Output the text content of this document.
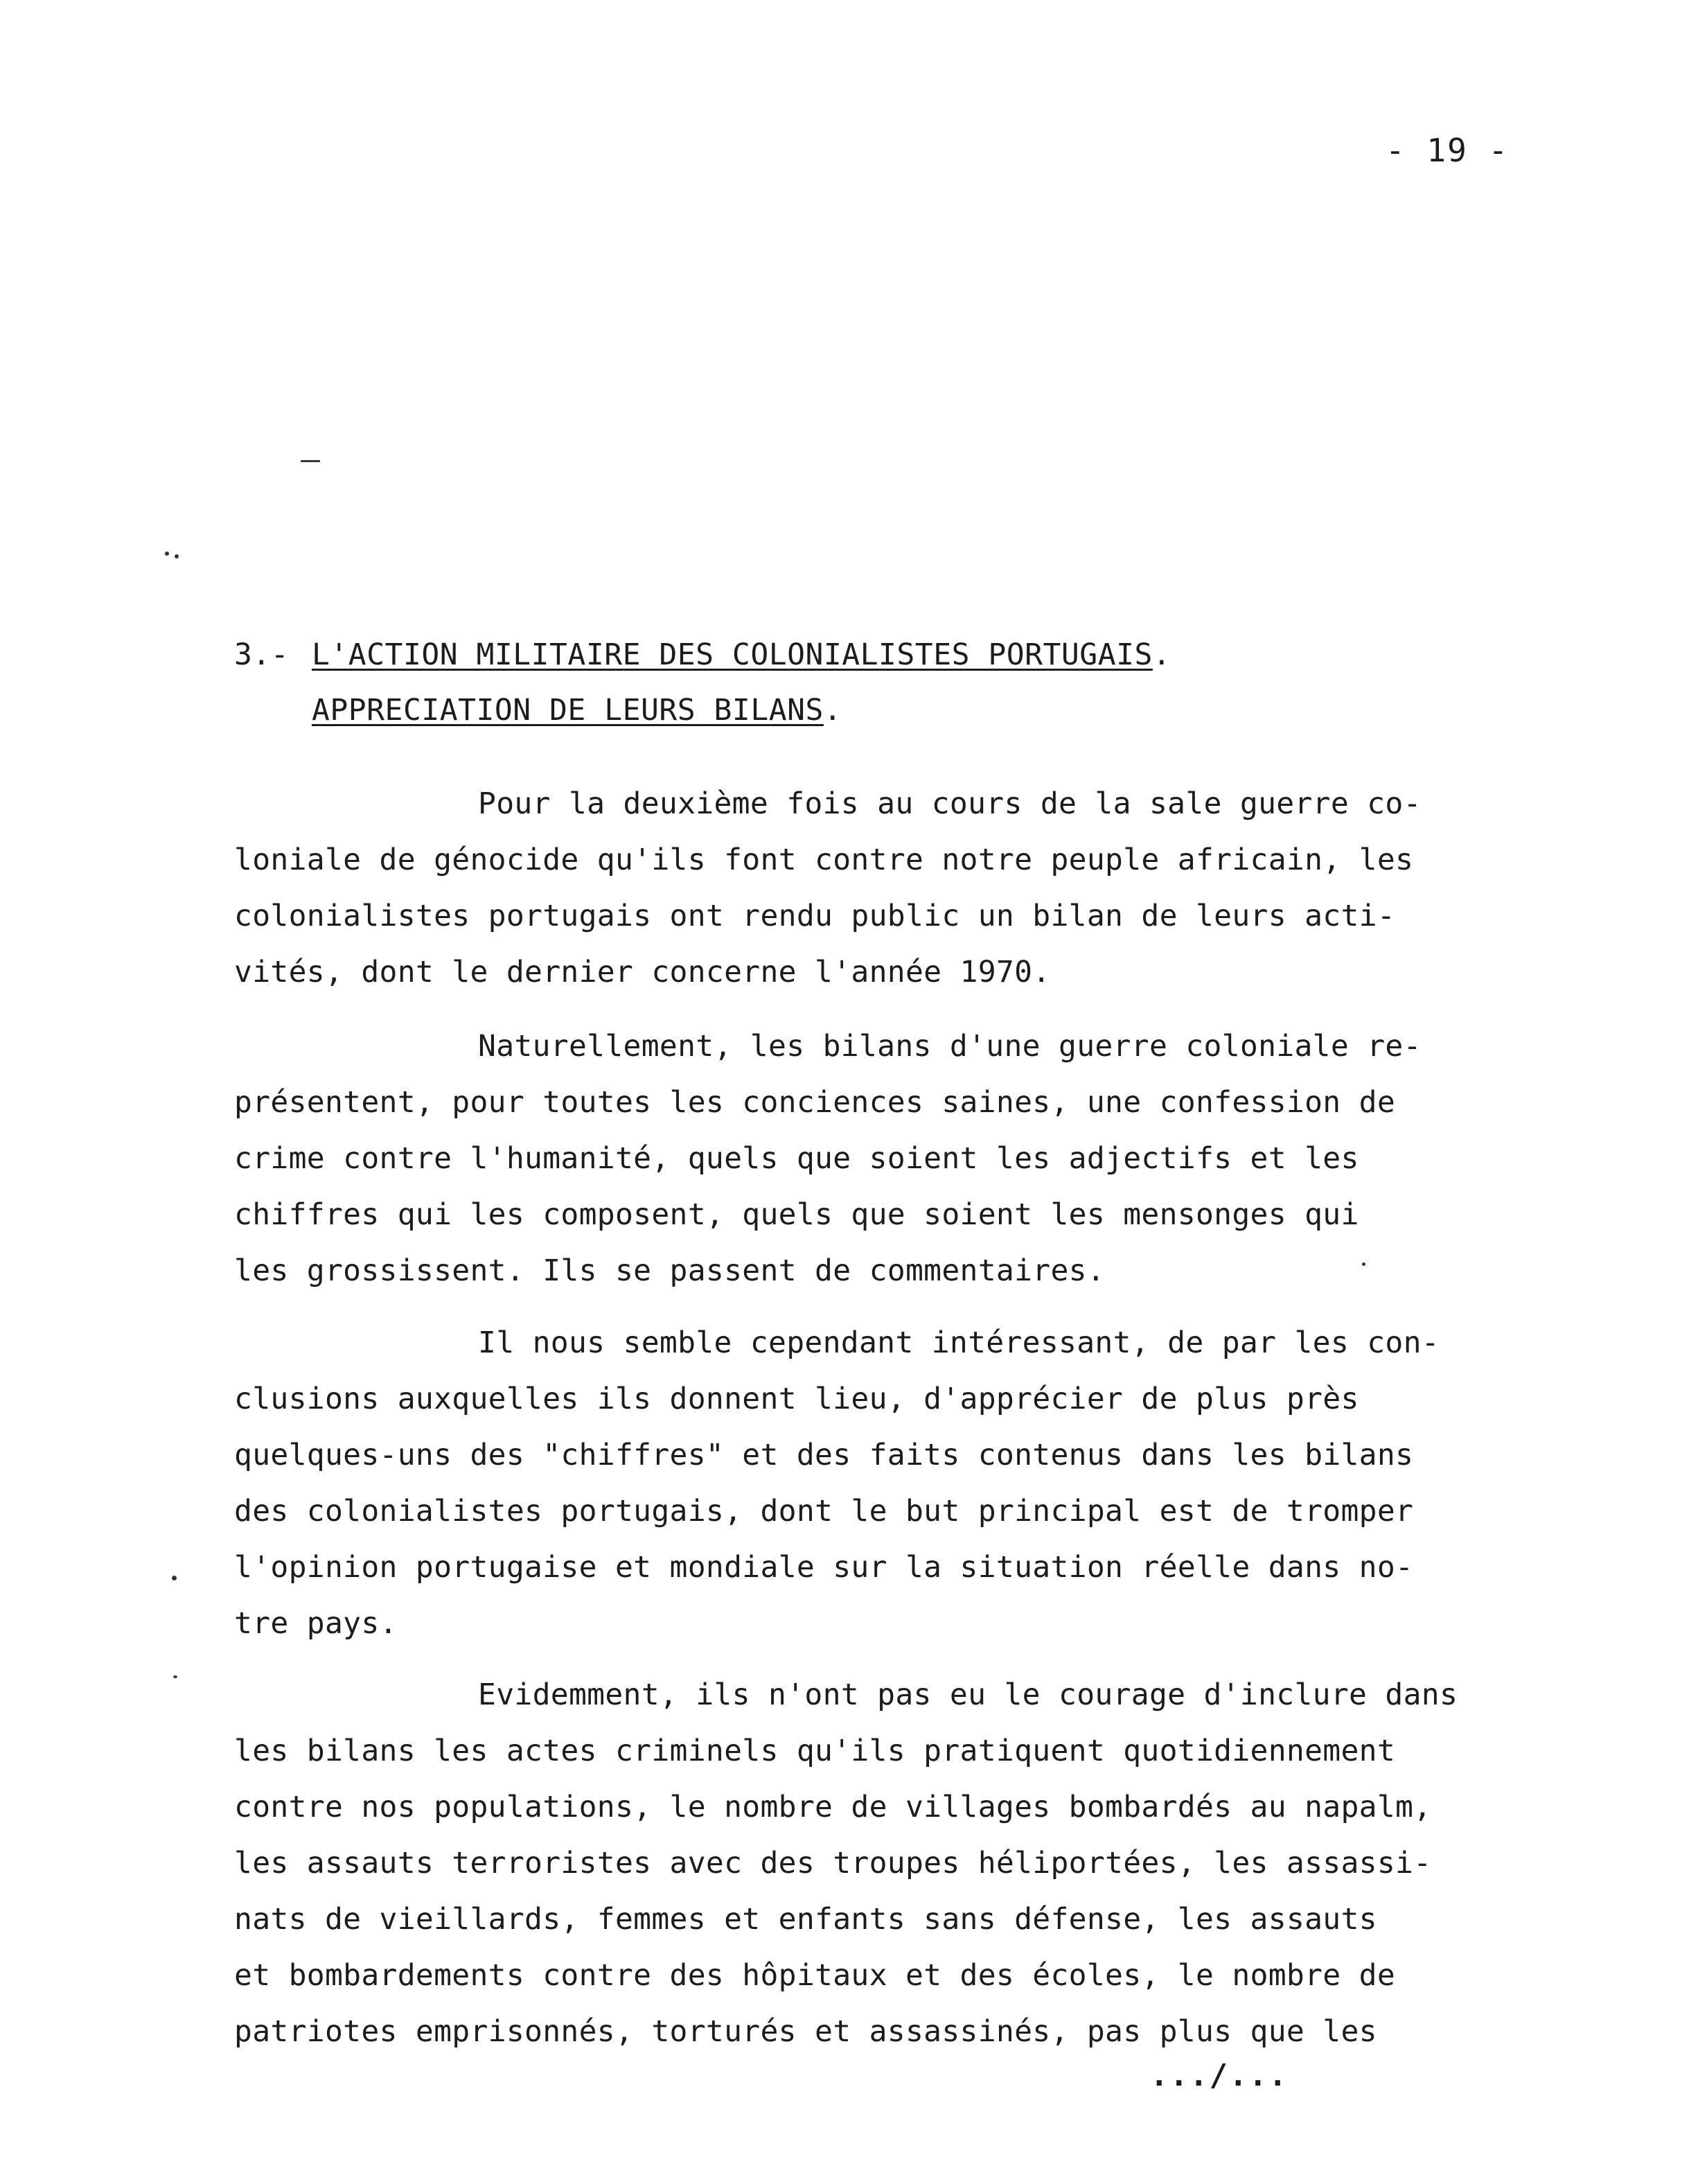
- 19 -
3.- L'ACTION MILITAIRE DES COLONIALISTES PORTUGAIS.
APPRECIATION DE LEURS BILANS.
Pour la deuxième fois au cours de la sale guerre co-
loniale de génocide qu'ils font contre notre peuple africain, les
colonialistes portugais ont rendu public un bilan de leurs acti-
vités, dont le dernier concerne l'année 1970.
Naturellement, les bilans d'une guerre coloniale re-
présentent, pour toutes les conciences saines, une confession de
crime contre l'humanité, quels que soient les adjectifs et les
chiffres qui les composent, quels que soient les mensonges qui
les grossissent. Ils se passent de commentaires.
Il nous semble cependant intéressant, de par les con-
clusions auxquelles ils donnent lieu, d'apprécier de plus près
quelques-uns des "chiffres" et des faits contenus dans les bilans
des colonialistes portugais, dont le but principal est de tromper
l'opinion portugaise et mondiale sur la situation réelle dans no-
tre pays.
Evidemment, ils n'ont pas eu le courage d'inclure dans
les bilans les actes criminels qu'ils pratiquent quotidiennement
contre nos populations, le nombre de villages bombardés au napalm,
les assauts terroristes avec des troupes héliportées, les assassi-
nats de vieillards, femmes et enfants sans défense, les assauts
et bombardements contre des hôpitaux et des écoles, le nombre de
patriotes emprisonnés, torturés et assassinés, pas plus que les
.../...
